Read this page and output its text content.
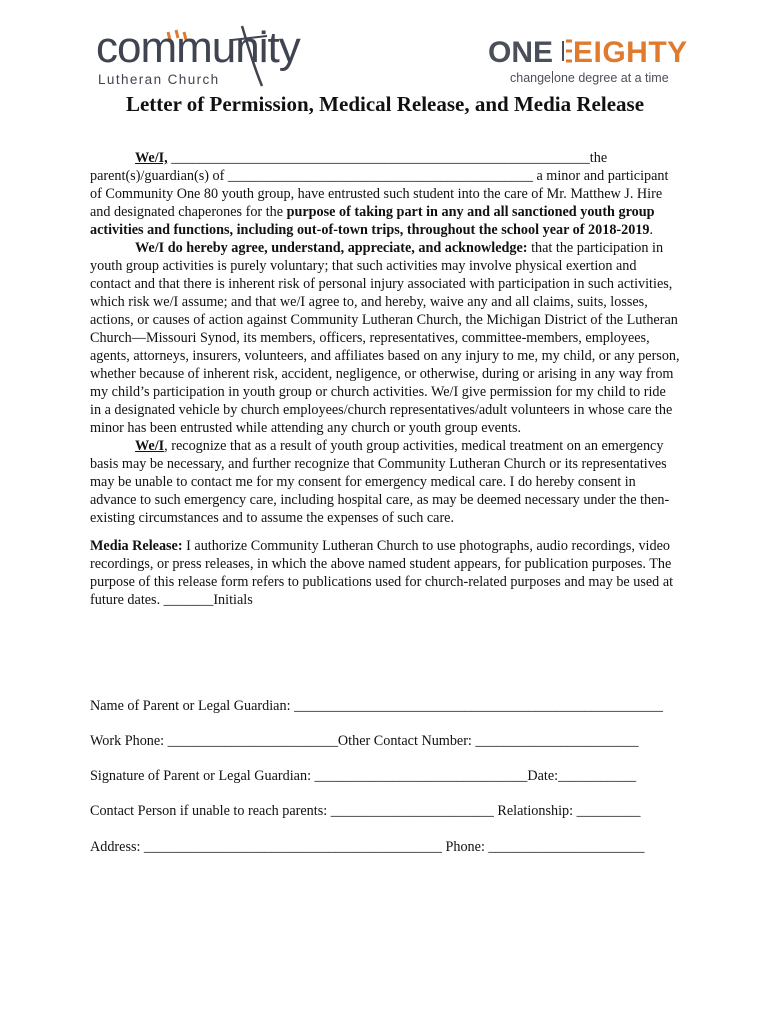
community
Lutheran Church
ONE EIGHTY
change one degree at a time
Letter of Permission, Medical Release, and Media Release

We/I, ___________________________________________________________the parent(s)/guardian(s) of ___________________________________________ a minor and participant of Community One 80 youth group, have entrusted such student into the care of Mr. Matthew J. Hire and designated chaperones for the purpose of taking part in any and all sanctioned youth group activities and functions, including out-of-town trips, throughout the school year of 2018-2019.

We/I do hereby agree, understand, appreciate, and acknowledge: that the participation in youth group activities is purely voluntary; that such activities may involve physical exertion and contact and that there is inherent risk of personal injury associated with participation in such activities, which risk we/I assume; and that we/I agree to, and hereby, waive any and all claims, suits, losses, actions, or causes of action against Community Lutheran Church, the Michigan District of the Lutheran Church—Missouri Synod, its members, officers, representatives, committee-members, employees, agents, attorneys, insurers, volunteers, and affiliates based on any injury to me, my child, or any person, whether because of inherent risk, accident, negligence, or otherwise, during or arising in any way from my child’s participation in youth group or church activities. We/I give permission for my child to ride in a designated vehicle by church employees/church representatives/adult volunteers in whose care the minor has been entrusted while attending any church or youth group events.

We/I, recognize that as a result of youth group activities, medical treatment on an emergency basis may be necessary, and further recognize that Community Lutheran Church or its representatives may be unable to contact me for my consent for emergency medical care. I do hereby consent in advance to such emergency care, including hospital care, as may be deemed necessary under the then-existing circumstances and to assume the expenses of such care.

Media Release: I authorize Community Lutheran Church to use photographs, audio recordings, video recordings, or press releases, in which the above named student appears, for publication purposes. The purpose of this release form refers to publications used for church-related purposes and may be used at future dates. _______Initials

Name of Parent or Legal Guardian: ____________________________________________________
Work Phone: ________________________Other Contact Number: _______________________
Signature of Parent or Legal Guardian: ______________________________Date:___________
Contact Person if unable to reach parents: _______________________ Relationship: _________
Address: __________________________________________ Phone: ______________________
